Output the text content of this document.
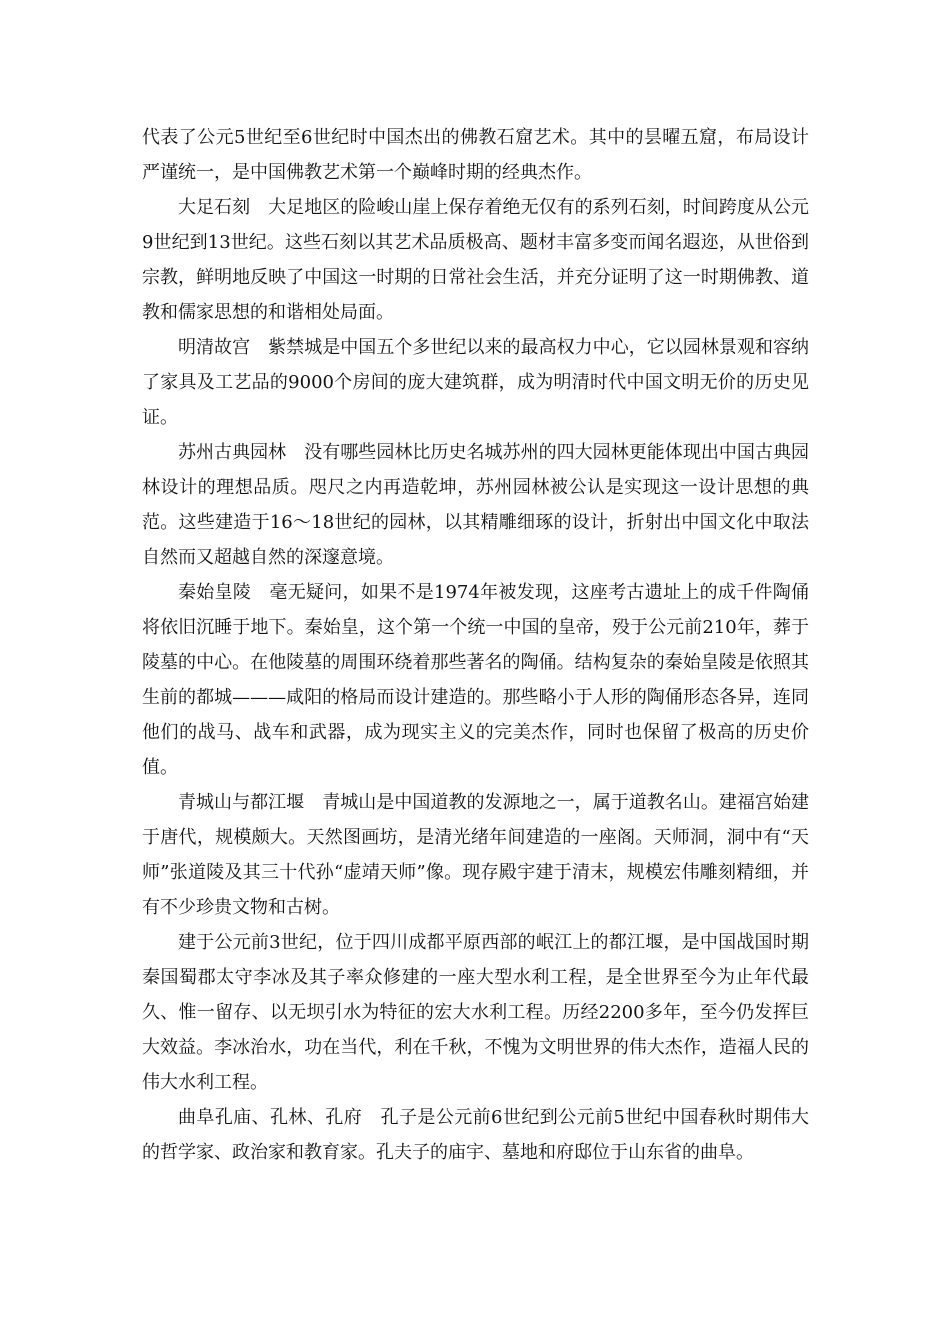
代表了公元5世纪至6世纪时中国杰出的佛教石窟艺术。其中的昙曜五窟，布局设计严谨统一，是中国佛教艺术第一个巅峰时期的经典杰作。

大足石刻 大足地区的险峻山崖上保存着绝无仅有的系列石刻，时间跨度从公元9世纪到13世纪。这些石刻以其艺术品质极高、题材丰富多变而闻名遐迩，从世俗到宗教，鲜明地反映了中国这一时期的日常社会生活，并充分证明了这一时期佛教、道教和儒家思想的和谐相处局面。

明清故宫 紫禁城是中国五个多世纪以来的最高权力中心，它以园林景观和容纳了家具及工艺品的9000个房间的庞大建筑群，成为明清时代中国文明无价的历史见证。

苏州古典园林 没有哪些园林比历史名城苏州的四大园林更能体现出中国古典园林设计的理想品质。咫尺之内再造乾坤，苏州园林被公认是实现这一设计思想的典范。这些建造于16～18世纪的园林，以其精雕细琢的设计，折射出中国文化中取法自然而又超越自然的深邃意境。

秦始皇陵 毫无疑问，如果不是1974年被发现，这座考古遗址上的成千件陶俑将依旧沉睡于地下。秦始皇，这个第一个统一中国的皇帝，殁于公元前210年，葬于陵墓的中心。在他陵墓的周围环绕着那些著名的陶俑。结构复杂的秦始皇陵是依照其生前的都城———咸阳的格局而设计建造的。那些略小于人形的陶俑形态各异，连同他们的战马、战车和武器，成为现实主义的完美杰作，同时也保留了极高的历史价值。

青城山与都江堰 青城山是中国道教的发源地之一，属于道教名山。建福宫始建于唐代，规模颇大。天然图画坊，是清光绪年间建造的一座阁。天师洞，洞中有“天师”张道陵及其三十代孙“虚靖天师”像。现存殿宇建于清末，规模宏伟雕刻精细，并有不少珍贵文物和古树。

建于公元前3世纪，位于四川成都平原西部的岷江上的都江堰，是中国战国时期秦国蜀郡太守李冰及其子率众修建的一座大型水利工程，是全世界至今为止年代最久、惟一留存、以无坝引水为特征的宏大水利工程。历经2200多年，至今仍发挥巨大效益。李冰治水，功在当代，利在千秋，不愧为文明世界的伟大杰作，造福人民的伟大水利工程。

曲阜孔庙、孔林、孔府 孔子是公元前6世纪到公元前5世纪中国春秋时期伟大的哲学家、政治家和教育家。孔夫子的庙宇、墓地和府邸位于山东省的曲阜。
